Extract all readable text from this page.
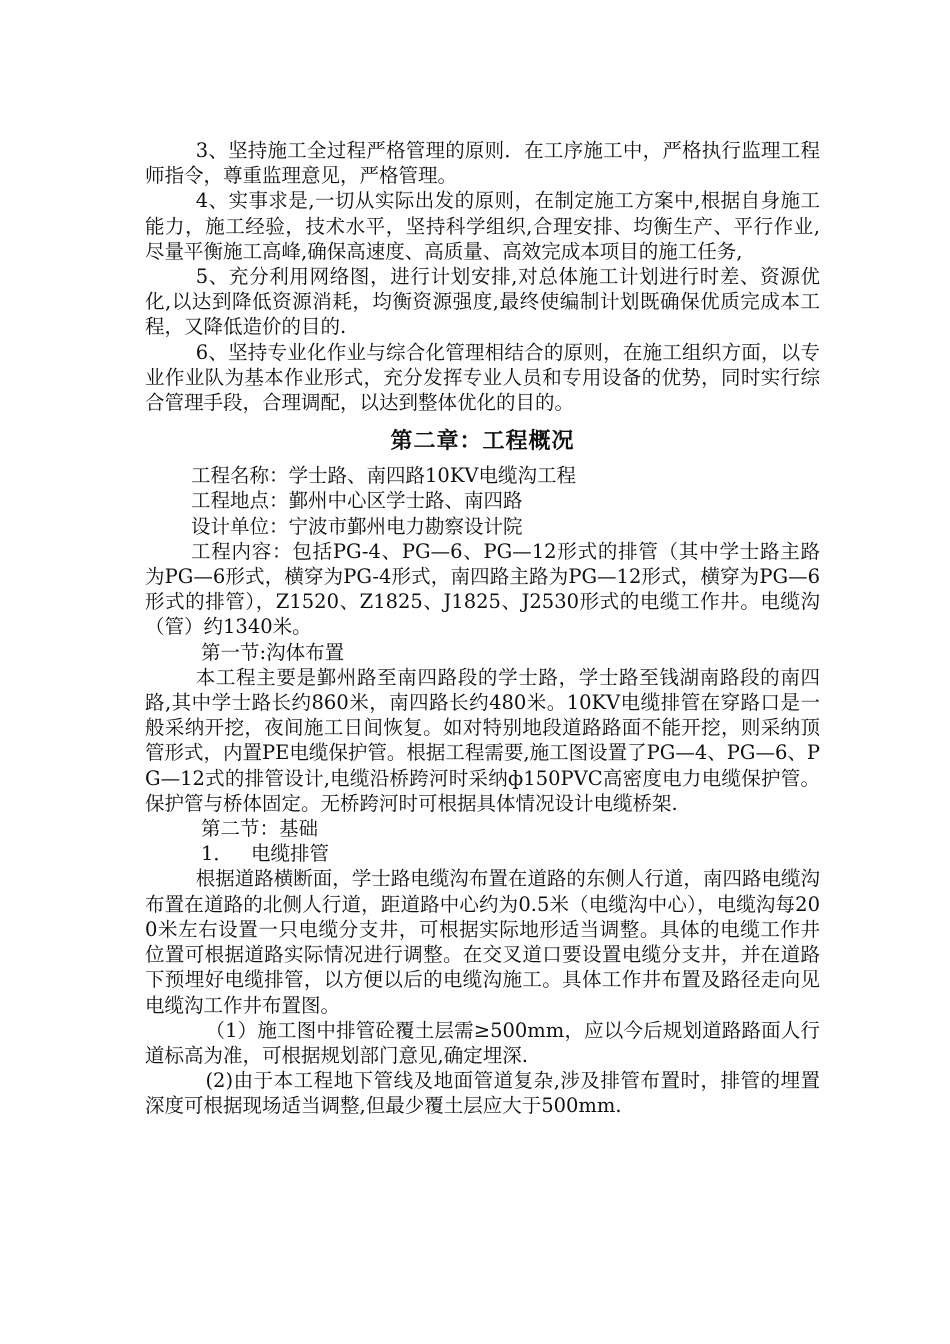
3、坚持施工全过程严格管理的原则．在工序施工中，严格执行监理工程师指令，尊重监理意见，严格管理。

4、实事求是,一切从实际出发的原则，在制定施工方案中,根据自身施工能力，施工经验，技术水平，坚持科学组织,合理安排、均衡生产、平行作业,尽量平衡施工高峰,确保高速度、高质量、高效完成本项目的施工任务,

5、充分利用网络图，进行计划安排,对总体施工计划进行时差、资源优化,以达到降低资源消耗，均衡资源强度,最终使编制计划既确保优质完成本工程，又降低造价的目的.

6、坚持专业化作业与综合化管理相结合的原则，在施工组织方面，以专业作业队为基本作业形式，充分发挥专业人员和专用设备的优势，同时实行综合管理手段，合理调配，以达到整体优化的目的。

第二章：工程概况

工程名称：学士路、南四路10KV电缆沟工程

工程地点：鄞州中心区学士路、南四路

设计单位：宁波市鄞州电力勘察设计院

工程内容：包括PG-4、PG—6、PG—12形式的排管（其中学士路主路为PG—6形式，横穿为PG-4形式，南四路主路为PG—12形式，横穿为PG—6形式的排管），Z1520、Z1825、J1825、J2530形式的电缆工作井。电缆沟（管）约1340米。

第一节:沟体布置

本工程主要是鄞州路至南四路段的学士路，学士路至钱湖南路段的南四路,其中学士路长约860米，南四路长约480米。10KV电缆排管在穿路口是一般采纳开挖，夜间施工日间恢复。如对特别地段道路路面不能开挖，则采纳顶管形式，内置PE电缆保护管。根据工程需要,施工图设置了PG—4、PG—6、PG—12式的排管设计,电缆沿桥跨河时采纳ф150PVC高密度电力电缆保护管。保护管与桥体固定。无桥跨河时可根据具体情况设计电缆桥架.

第二节：基础

1． 电缆排管

根据道路横断面，学士路电缆沟布置在道路的东侧人行道，南四路电缆沟布置在道路的北侧人行道，距道路中心约为0.5米（电缆沟中心），电缆沟每200米左右设置一只电缆分支井，可根据实际地形适当调整。具体的电缆工作井位置可根据道路实际情况进行调整。在交叉道口要设置电缆分支井，并在道路下预埋好电缆排管，以方便以后的电缆沟施工。具体工作井布置及路径走向见电缆沟工作井布置图。

（1）施工图中排管砼覆土层需≥500mm，应以今后规划道路路面人行道标高为准，可根据规划部门意见,确定埋深.

(2)由于本工程地下管线及地面管道复杂,涉及排管布置时，排管的埋置深度可根据现场适当调整,但最少覆土层应大于500mm.
